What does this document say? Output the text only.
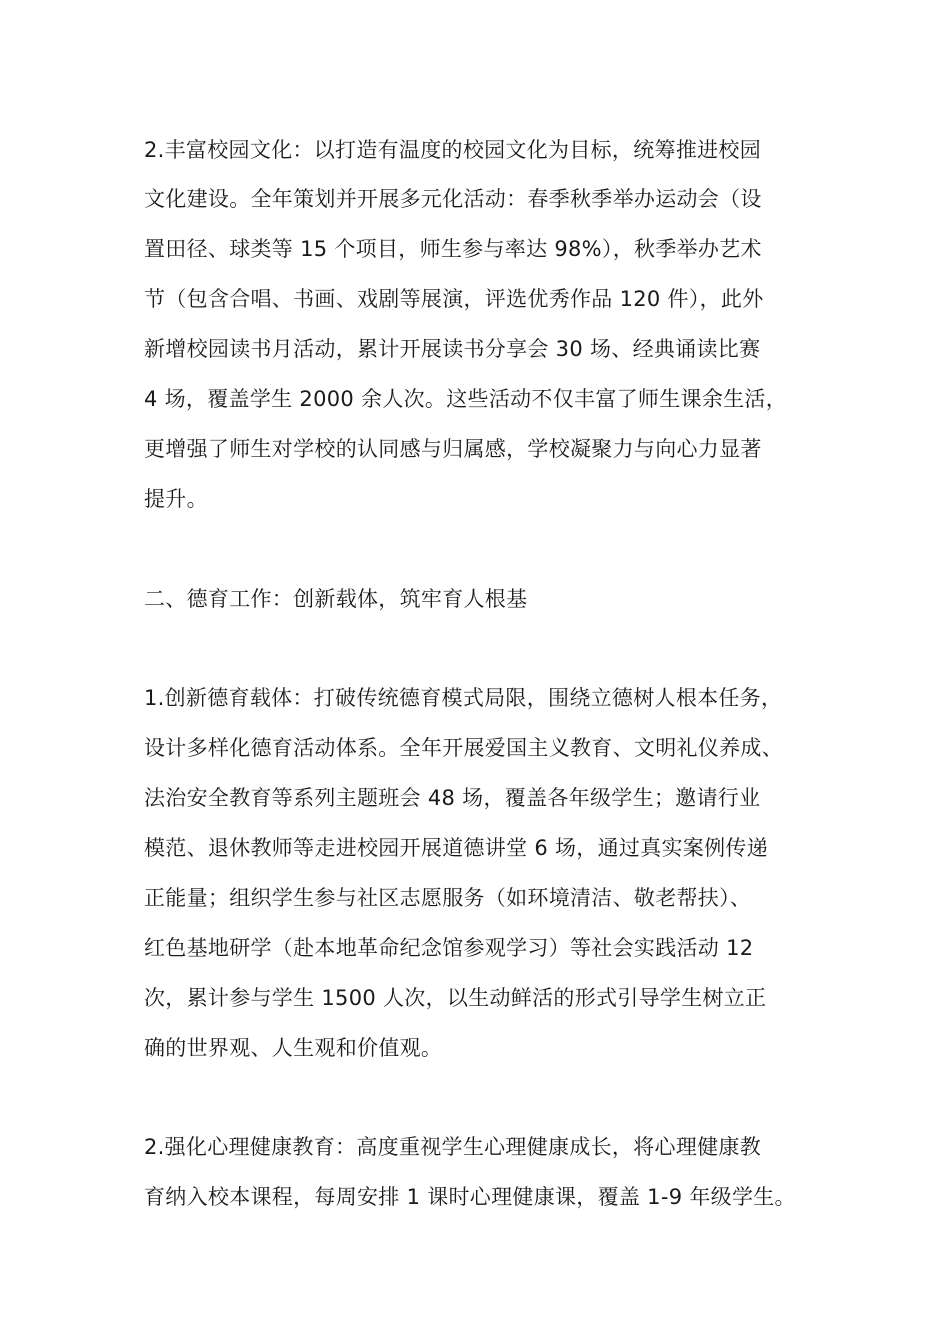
2.丰富校园文化：以打造有温度的校园文化为目标，统筹推进校园

文化建设。全年策划并开展多元化活动：春季秋季举办运动会（设

置田径、球类等 15 个项目，师生参与率达 98%），秋季举办艺术

节（包含合唱、书画、戏剧等展演，评选优秀作品 120 件），此外

新增校园读书月活动，累计开展读书分享会 30 场、经典诵读比赛

4 场，覆盖学生 2000 余人次。这些活动不仅丰富了师生课余生活，

更增强了师生对学校的认同感与归属感，学校凝聚力与向心力显著

提升。

二、德育工作：创新载体，筑牢育人根基

1.创新德育载体：打破传统德育模式局限，围绕立德树人根本任务，

设计多样化德育活动体系。全年开展爱国主义教育、文明礼仪养成、

法治安全教育等系列主题班会 48 场，覆盖各年级学生；邀请行业

模范、退休教师等走进校园开展道德讲堂 6 场，通过真实案例传递

正能量；组织学生参与社区志愿服务（如环境清洁、敬老帮扶）、

红色基地研学（赴本地革命纪念馆参观学习）等社会实践活动 12

次，累计参与学生 1500 人次，以生动鲜活的形式引导学生树立正

确的世界观、人生观和价值观。

2.强化心理健康教育：高度重视学生心理健康成长，将心理健康教

育纳入校本课程，每周安排 1 课时心理健康课，覆盖 1-9 年级学生。
